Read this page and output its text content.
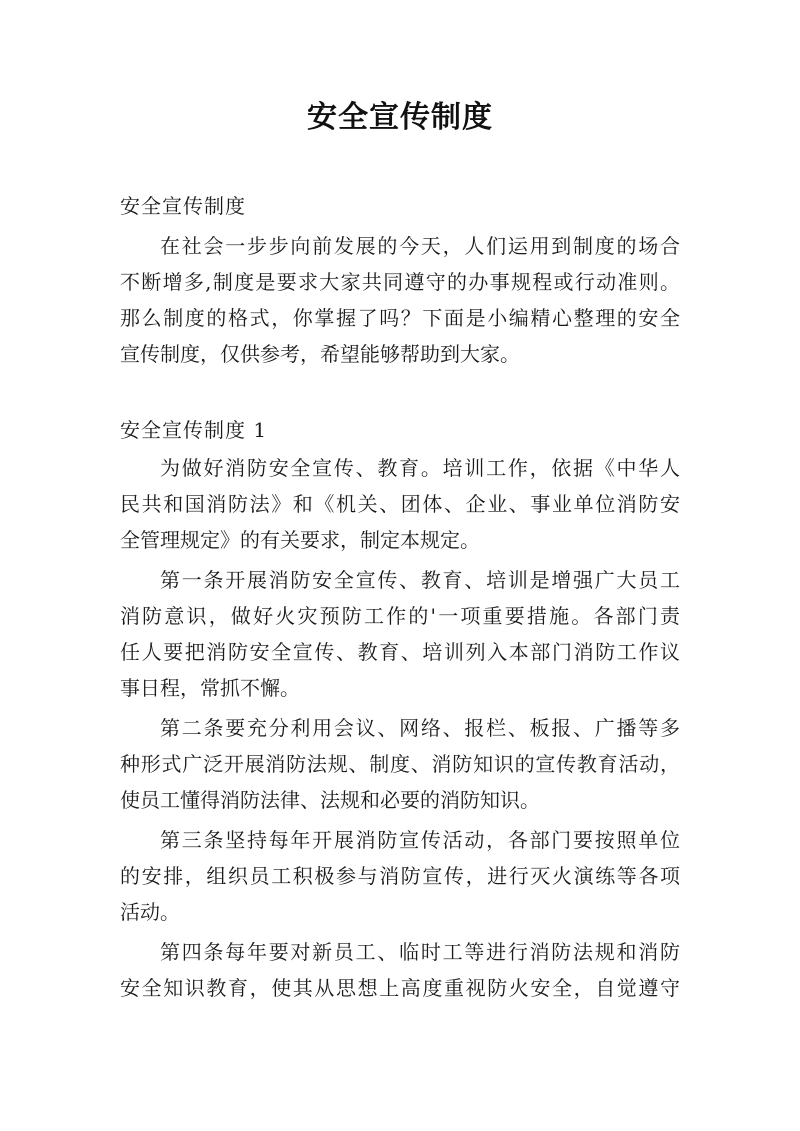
安全宣传制度
安全宣传制度
在社会一步步向前发展的今天，人们运用到制度的场合
不断增多,制度是要求大家共同遵守的办事规程或行动准则。
那么制度的格式，你掌握了吗？下面是小编精心整理的安全
宣传制度，仅供参考，希望能够帮助到大家。
安全宣传制度 1
为做好消防安全宣传、教育。培训工作，依据《中华人
民共和国消防法》和《机关、团体、企业、事业单位消防安
全管理规定》的有关要求，制定本规定。
第一条开展消防安全宣传、教育、培训是增强广大员工
消防意识，做好火灾预防工作的'一项重要措施。各部门责
任人要把消防安全宣传、教育、培训列入本部门消防工作议
事日程，常抓不懈。
第二条要充分利用会议、网络、报栏、板报、广播等多
种形式广泛开展消防法规、制度、消防知识的宣传教育活动，
使员工懂得消防法律、法规和必要的消防知识。
第三条坚持每年开展消防宣传活动，各部门要按照单位
的安排，组织员工积极参与消防宣传，进行灭火演练等各项
活动。
第四条每年要对新员工、临时工等进行消防法规和消防
安全知识教育，使其从思想上高度重视防火安全，自觉遵守
